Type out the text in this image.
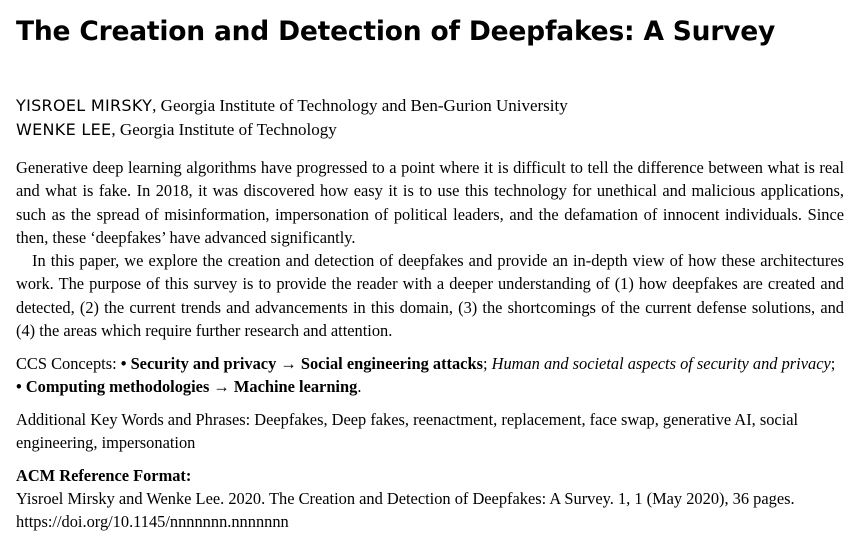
The Creation and Detection of Deepfakes: A Survey
YISROEL MIRSKY, Georgia Institute of Technology and Ben-Gurion University
WENKE LEE, Georgia Institute of Technology

Generative deep learning algorithms have progressed to a point where it is difficult to tell the difference between what is real and what is fake. In 2018, it was discovered how easy it is to use this technology for unethical and malicious applications, such as the spread of misinformation, impersonation of political leaders, and the defamation of innocent individuals. Since then, these ‘deepfakes’ have advanced significantly.

In this paper, we explore the creation and detection of deepfakes and provide an in-depth view of how these architectures work. The purpose of this survey is to provide the reader with a deeper understanding of (1) how deepfakes are created and detected, (2) the current trends and advancements in this domain, (3) the shortcomings of the current defense solutions, and (4) the areas which require further research and attention.

CCS Concepts: • Security and privacy → Social engineering attacks; Human and societal aspects of security and privacy; • Computing methodologies → Machine learning.
Additional Key Words and Phrases: Deepfakes, Deep fakes, reenactment, replacement, face swap, generative AI, social engineering, impersonation
ACM Reference Format:
Yisroel Mirsky and Wenke Lee. 2020. The Creation and Detection of Deepfakes: A Survey. 1, 1 (May 2020), 36 pages. https://doi.org/10.1145/nnnnnnn.nnnnnnn
